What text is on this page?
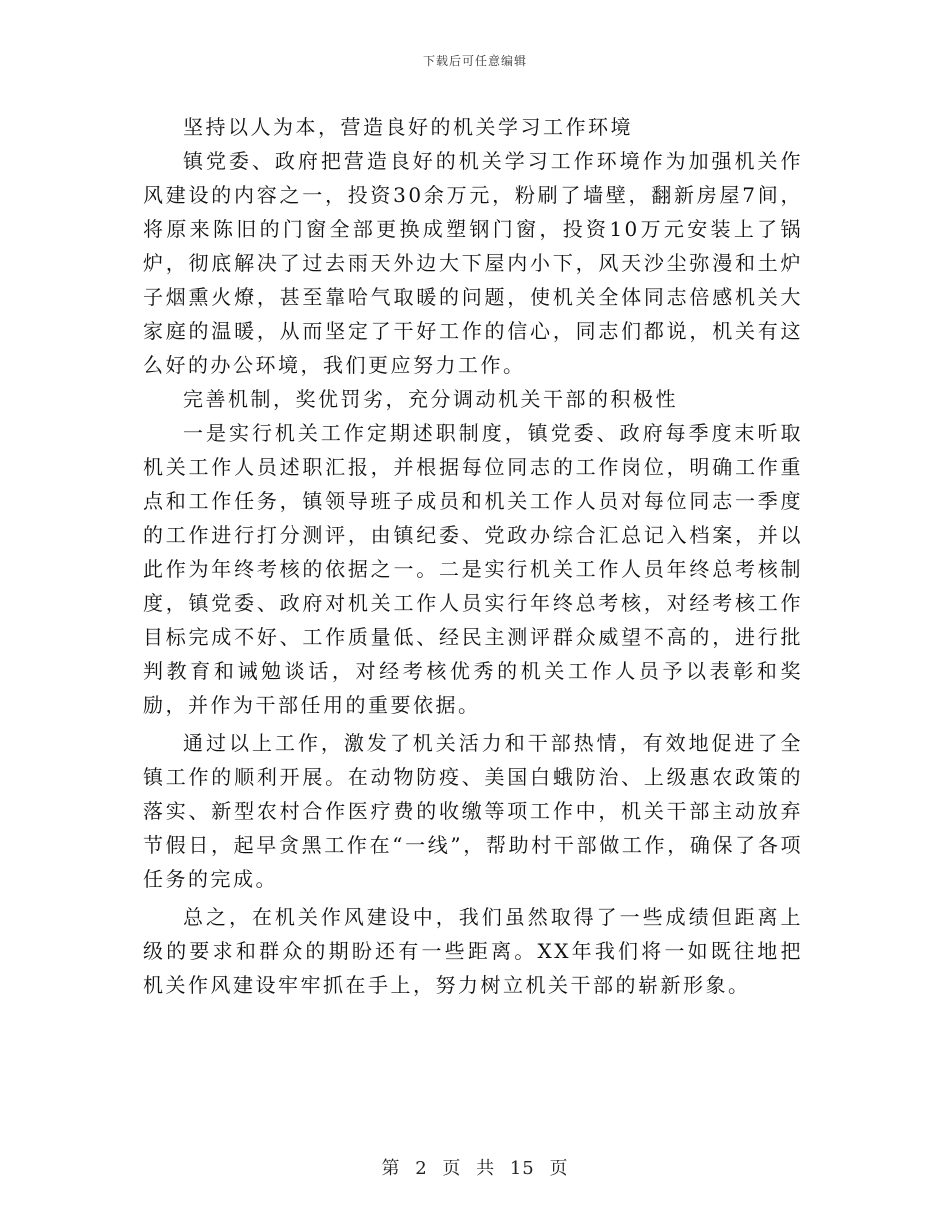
下载后可任意编辑

坚持以人为本，营造良好的机关学习工作环境

镇党委、政府把营造良好的机关学习工作环境作为加强机关作风建设的内容之一，投资30余万元，粉刷了墙壁，翻新房屋7间，将原来陈旧的门窗全部更换成塑钢门窗，投资10万元安装上了锅炉，彻底解决了过去雨天外边大下屋内小下，风天沙尘弥漫和土炉子烟熏火燎，甚至靠哈气取暖的问题，使机关全体同志倍感机关大家庭的温暖，从而坚定了干好工作的信心，同志们都说，机关有这么好的办公环境，我们更应努力工作。

完善机制，奖优罚劣，充分调动机关干部的积极性

一是实行机关工作定期述职制度，镇党委、政府每季度末听取机关工作人员述职汇报，并根据每位同志的工作岗位，明确工作重点和工作任务，镇领导班子成员和机关工作人员对每位同志一季度的工作进行打分测评，由镇纪委、党政办综合汇总记入档案，并以此作为年终考核的依据之一。二是实行机关工作人员年终总考核制度，镇党委、政府对机关工作人员实行年终总考核，对经考核工作目标完成不好、工作质量低、经民主测评群众威望不高的，进行批判教育和诫勉谈话，对经考核优秀的机关工作人员予以表彰和奖励，并作为干部任用的重要依据。

通过以上工作，激发了机关活力和干部热情，有效地促进了全镇工作的顺利开展。在动物防疫、美国白蛾防治、上级惠农政策的落实、新型农村合作医疗费的收缴等项工作中，机关干部主动放弃节假日，起早贪黑工作在“一线”，帮助村干部做工作，确保了各项任务的完成。

总之，在机关作风建设中，我们虽然取得了一些成绩但距离上级的要求和群众的期盼还有一些距离。XX年我们将一如既往地把机关作风建设牢牢抓在手上，努力树立机关干部的崭新形象。

第 2 页 共 15 页
